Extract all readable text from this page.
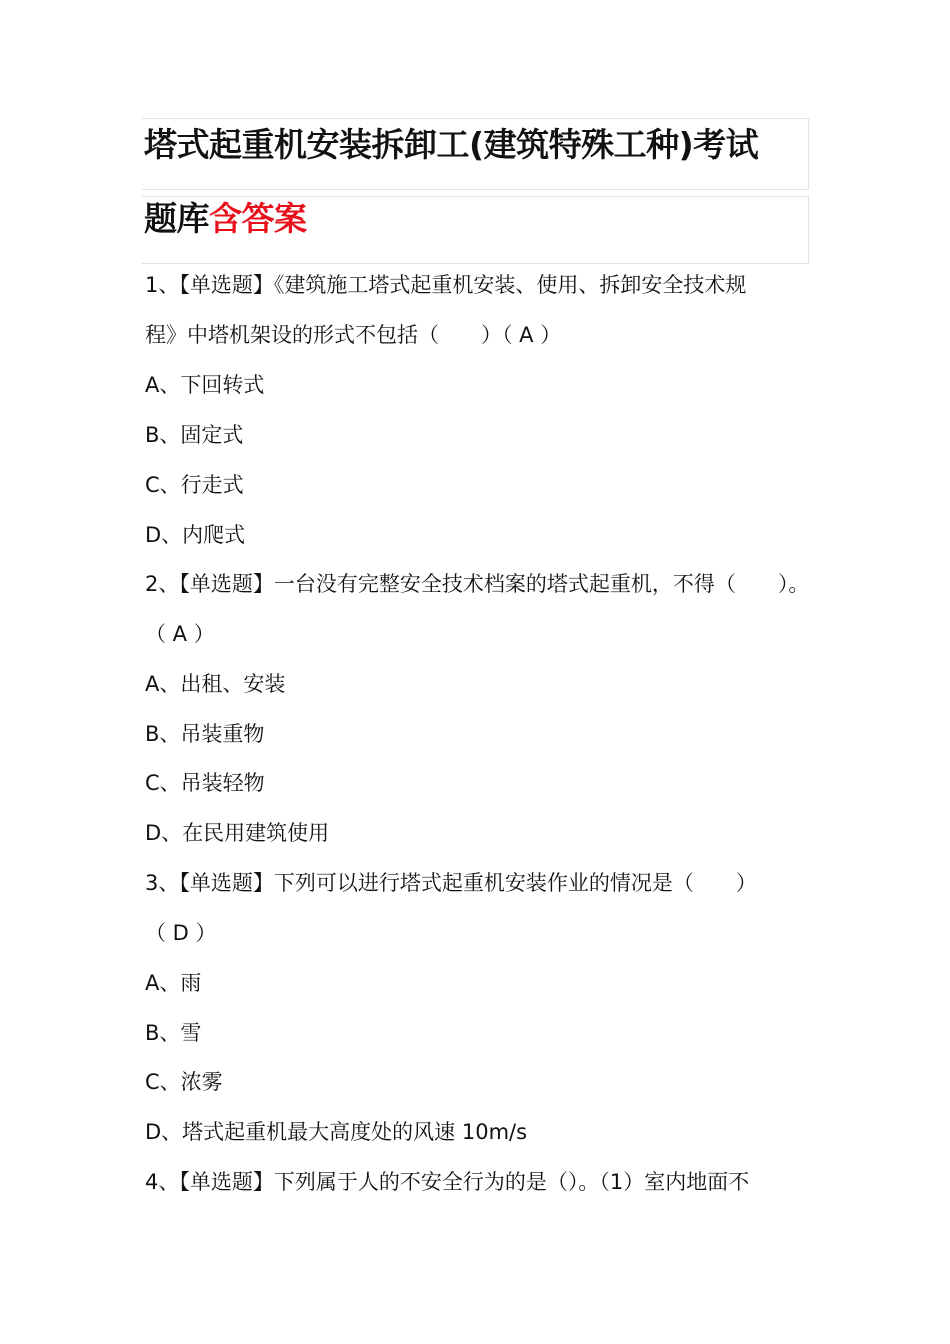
塔式起重机安装拆卸工(建筑特殊工种)考试
题库含答案
1、【单选题】《建筑施工塔式起重机安装、使用、拆卸安全技术规
程》中塔机架设的形式不包括（　　）（ A ）
A、下回转式
B、固定式
C、行走式
D、内爬式
2、【单选题】一台没有完整安全技术档案的塔式起重机，不得（　　）。
（ A ）
A、出租、安装
B、吊装重物
C、吊装轻物
D、在民用建筑使用
3、【单选题】下列可以进行塔式起重机安装作业的情况是（　　）
（ D ）
A、雨
B、雪
C、浓雾
D、塔式起重机最大高度处的风速 10m/s
4、【单选题】下列属于人的不安全行为的是（）。（1）室内地面不
